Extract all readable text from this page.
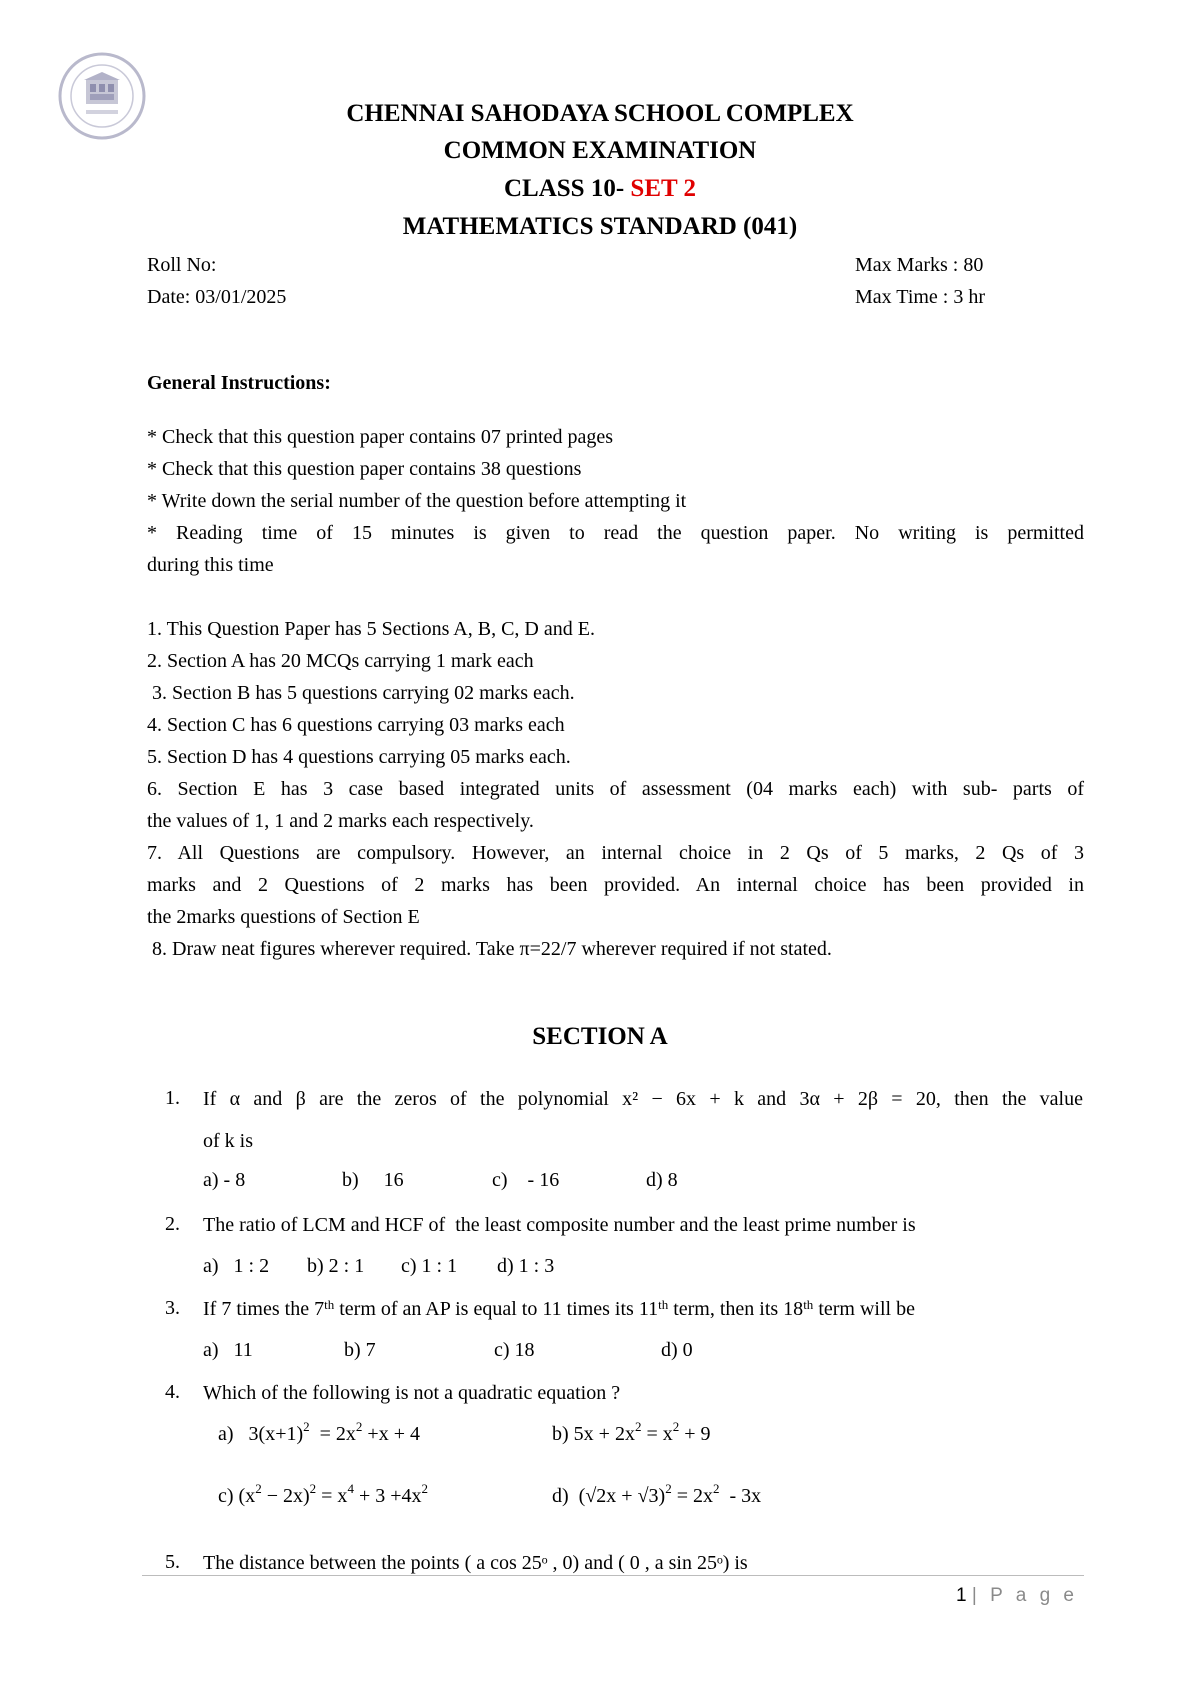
CHENNAI SAHODAYA SCHOOL COMPLEX
COMMON EXAMINATION
CLASS 10- SET 2
MATHEMATICS STANDARD (041)
Roll No:
Date: 03/01/2025
Max Marks : 80
Max Time : 3 hr
General Instructions:
* Check that this question paper contains 07 printed pages
* Check that this question paper contains 38 questions
* Write down the serial number of the question before attempting it
* Reading time of 15 minutes is given to read the question paper. No writing is permitted
during this time
1. This Question Paper has 5 Sections A, B, C, D and E.
2. Section A has 20 MCQs carrying 1 mark each
3. Section B has 5 questions carrying 02 marks each.
4. Section C has 6 questions carrying 03 marks each
5. Section D has 4 questions carrying 05 marks each.
6. Section E has 3 case based integrated units of assessment (04 marks each) with sub- parts of
the values of 1, 1 and 2 marks each respectively.
7. All Questions are compulsory. However, an internal choice in 2 Qs of 5 marks, 2 Qs of 3
marks and 2 Questions of 2 marks has been provided. An internal choice has been provided in
the 2marks questions of Section E
8. Draw neat figures wherever required. Take π=22/7 wherever required if not stated.
SECTION A
1. If α and β are the zeros of the polynomial x² − 6x + k and 3α + 2β = 20, then the value
of k is
a) - 8	b)     16	c)    - 16	d) 8
2. The ratio of LCM and HCF of  the least composite number and the least prime number is
a)   1 : 2 b) 2 : 1 c) 1 : 1 d) 1 : 3
3. If 7 times the 7th term of an AP is equal to 11 times its 11th term, then its 18th term will be
a)   11	b) 7	c) 18	d) 0
4. Which of the following is not a quadratic equation ?
a)   $3(x+1)^2 = 2x^2 +x + 4$	b) $5x + 2x^2 = x^2 + 9$
c) $(x^2 - 2x)^2 = x^4 + 3 +4x^2$	d)  $(√2x + √3)^2 = 2x^2 - 3x$
5. The distance between the points ( a cos 25ᵒ , 0) and ( 0 , a sin 25ᵒ) is
1 | P a g e
